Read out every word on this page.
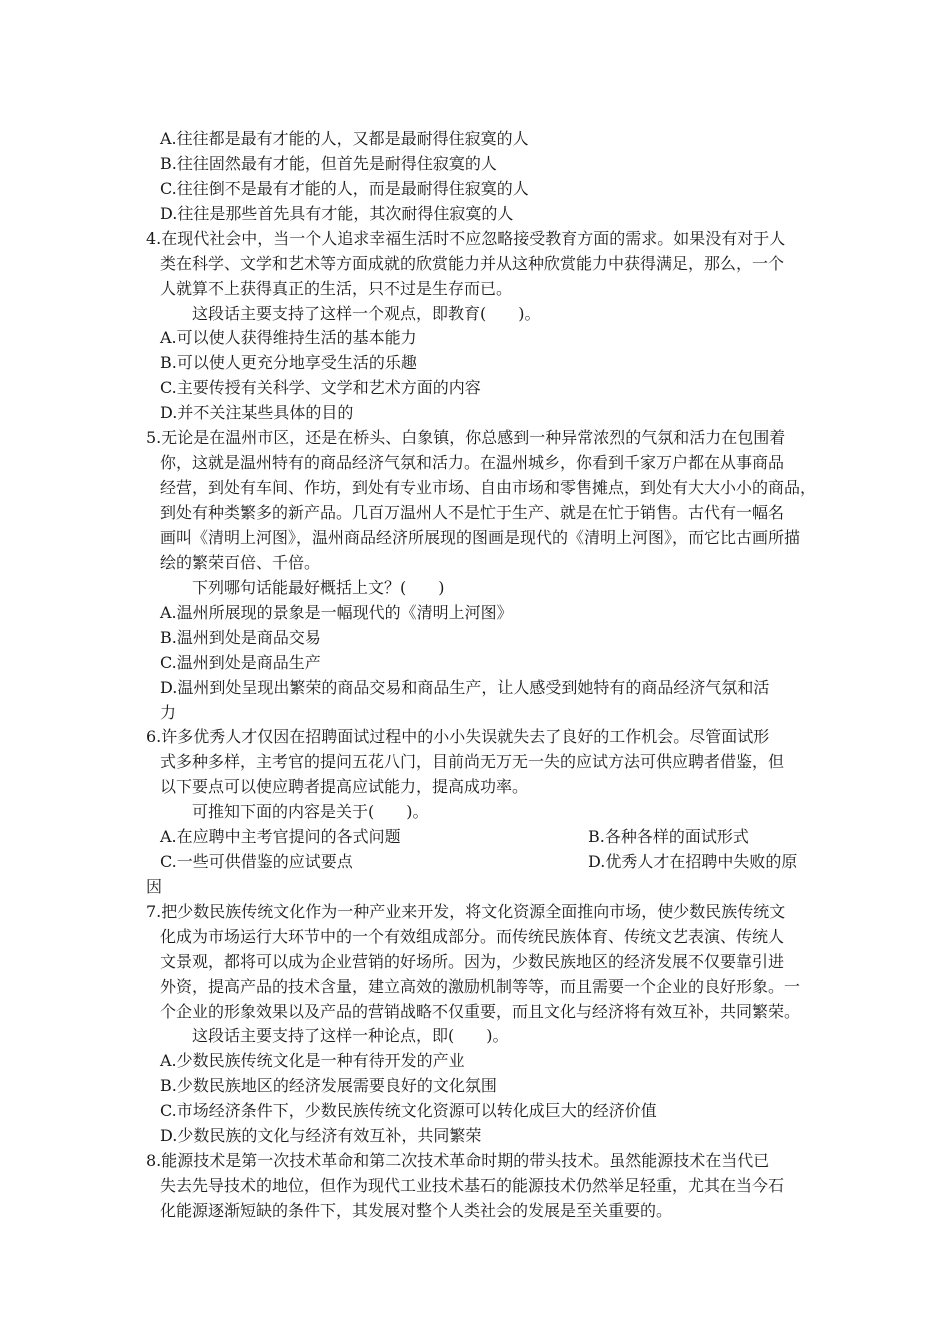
A.往往都是最有才能的人，又都是最耐得住寂寞的人
B.往往固然最有才能，但首先是耐得住寂寞的人
C.往往倒不是最有才能的人，而是最耐得住寂寞的人
D.往往是那些首先具有才能，其次耐得住寂寞的人
4.在现代社会中，当一个人追求幸福生活时不应忽略接受教育方面的需求。如果没有对于人
类在科学、文学和艺术等方面成就的欣赏能力并从这种欣赏能力中获得满足，那么，一个
人就算不上获得真正的生活，只不过是生存而已。
这段话主要支持了这样一个观点，即教育(　　)。
A.可以使人获得维持生活的基本能力
B.可以使人更充分地享受生活的乐趣
C.主要传授有关科学、文学和艺术方面的内容
D.并不关注某些具体的目的
5.无论是在温州市区，还是在桥头、白象镇，你总感到一种异常浓烈的气氛和活力在包围着
你，这就是温州特有的商品经济气氛和活力。在温州城乡，你看到千家万户都在从事商品
经营，到处有车间、作坊，到处有专业市场、自由市场和零售摊点，到处有大大小小的商品，
到处有种类繁多的新产品。几百万温州人不是忙于生产、就是在忙于销售。古代有一幅名
画叫《清明上河图》，温州商品经济所展现的图画是现代的《清明上河图》，而它比古画所描
绘的繁荣百倍、千倍。
下列哪句话能最好概括上文？(　　)
A.温州所展现的景象是一幅现代的《清明上河图》
B.温州到处是商品交易
C.温州到处是商品生产
D.温州到处呈现出繁荣的商品交易和商品生产，让人感受到她特有的商品经济气氛和活
力
6.许多优秀人才仅因在招聘面试过程中的小小失误就失去了良好的工作机会。尽管面试形
式多种多样，主考官的提问五花八门，目前尚无万无一失的应试方法可供应聘者借鉴，但
以下要点可以使应聘者提高应试能力，提高成功率。
可推知下面的内容是关于(　　)。
A.在应聘中主考官提问的各式问题	B.各种各样的面试形式
C.一些可供借鉴的应试要点	D.优秀人才在招聘中失败的原
因
7.把少数民族传统文化作为一种产业来开发，将文化资源全面推向市场，使少数民族传统文
化成为市场运行大环节中的一个有效组成部分。而传统民族体育、传统文艺表演、传统人
文景观，都将可以成为企业营销的好场所。因为，少数民族地区的经济发展不仅要靠引进
外资，提高产品的技术含量，建立高效的激励机制等等，而且需要一个企业的良好形象。一
个企业的形象效果以及产品的营销战略不仅重要，而且文化与经济将有效互补，共同繁荣。
这段话主要支持了这样一种论点，即(　　)。
A.少数民族传统文化是一种有待开发的产业
B.少数民族地区的经济发展需要良好的文化氛围
C.市场经济条件下，少数民族传统文化资源可以转化成巨大的经济价值
D.少数民族的文化与经济有效互补，共同繁荣
8.能源技术是第一次技术革命和第二次技术革命时期的带头技术。虽然能源技术在当代已
失去先导技术的地位，但作为现代工业技术基石的能源技术仍然举足轻重，尤其在当今石
化能源逐渐短缺的条件下，其发展对整个人类社会的发展是至关重要的。
